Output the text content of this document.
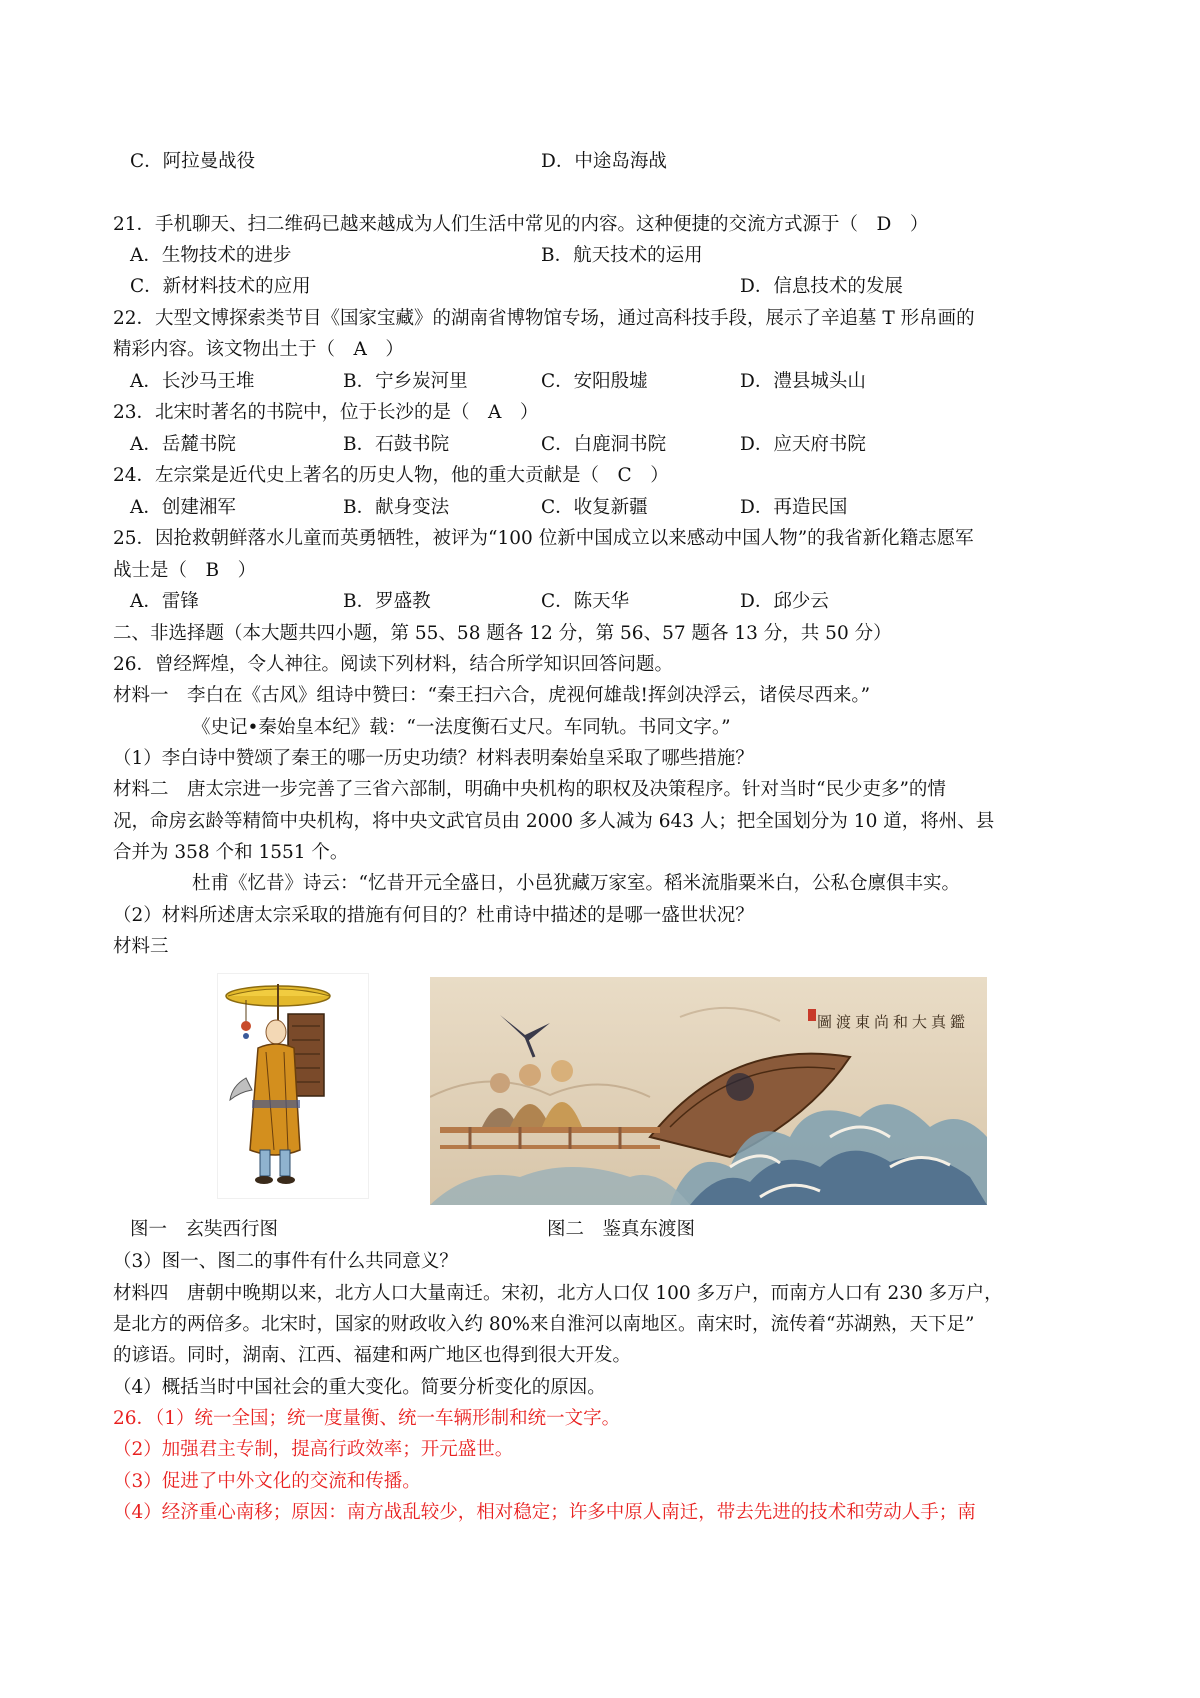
C．阿拉曼战役	D．中途岛海战
21．手机聊天、扫二维码已越来越成为人们生活中常见的内容。这种便捷的交流方式源于（　D　）
A．生物技术的进步	B．航天技术的运用
C．新材料技术的应用	D．信息技术的发展
22．大型文博探索类节目《国家宝藏》的湖南省博物馆专场，通过高科技手段，展示了辛追墓 T 形帛画的
精彩内容。该文物出土于（　A　）
A．长沙马王堆	B．宁乡炭河里	C．安阳殷墟	D．澧县城头山
23．北宋时著名的书院中，位于长沙的是（　A　）
A．岳麓书院	B．石鼓书院	C．白鹿洞书院	D．应天府书院
24．左宗棠是近代史上著名的历史人物，他的重大贡献是（　C　）
A．创建湘军	B．献身变法	C．收复新疆	D．再造民国
25．因抢救朝鲜落水儿童而英勇牺牲，被评为“100 位新中国成立以来感动中国人物”的我省新化籍志愿军
战士是（　B　）
A．雷锋	B．罗盛教	C．陈天华	D．邱少云
二、非选择题（本大题共四小题，第 55、58 题各 12 分，第 56、57 题各 13 分，共 50 分）
26．曾经辉煌，令人神往。阅读下列材料，结合所学知识回答问题。
材料一　李白在《古风》组诗中赞曰：“秦王扫六合，虎视何雄哉!挥剑决浮云，诸侯尽西来。”
《史记•秦始皇本纪》载：“一法度衡石丈尺。车同轨。书同文字。”
（1）李白诗中赞颂了秦王的哪一历史功绩？材料表明秦始皇采取了哪些措施？
材料二　唐太宗进一步完善了三省六部制，明确中央机构的职权及决策程序。针对当时“民少吏多”的情
况，命房玄龄等精简中央机构，将中央文武官员由 2000 多人减为 643 人；把全国划分为 10 道，将州、县
合并为 358 个和 1551 个。
杜甫《忆昔》诗云：“忆昔开元全盛日，小邑犹藏万家室。稻米流脂粟米白，公私仓廪俱丰实。
（2）材料所述唐太宗采取的措施有何目的？杜甫诗中描述的是哪一盛世状况？
材料三
鑑真大和尚東渡圖
图一　玄奘西行图	图二　鉴真东渡图
（3）图一、图二的事件有什么共同意义？
材料四　唐朝中晚期以来，北方人口大量南迁。宋初，北方人口仅 100 多万户，而南方人口有 230 多万户，
是北方的两倍多。北宋时，国家的财政收入约 80%来自淮河以南地区。南宋时，流传着“苏湖熟，天下足”
的谚语。同时，湖南、江西、福建和两广地区也得到很大开发。
（4）概括当时中国社会的重大变化。简要分析变化的原因。
26．（1）统一全国；统一度量衡、统一车辆形制和统一文字。
（2）加强君主专制，提高行政效率；开元盛世。
（3）促进了中外文化的交流和传播。
（4）经济重心南移；原因：南方战乱较少，相对稳定；许多中原人南迁，带去先进的技术和劳动人手；南
